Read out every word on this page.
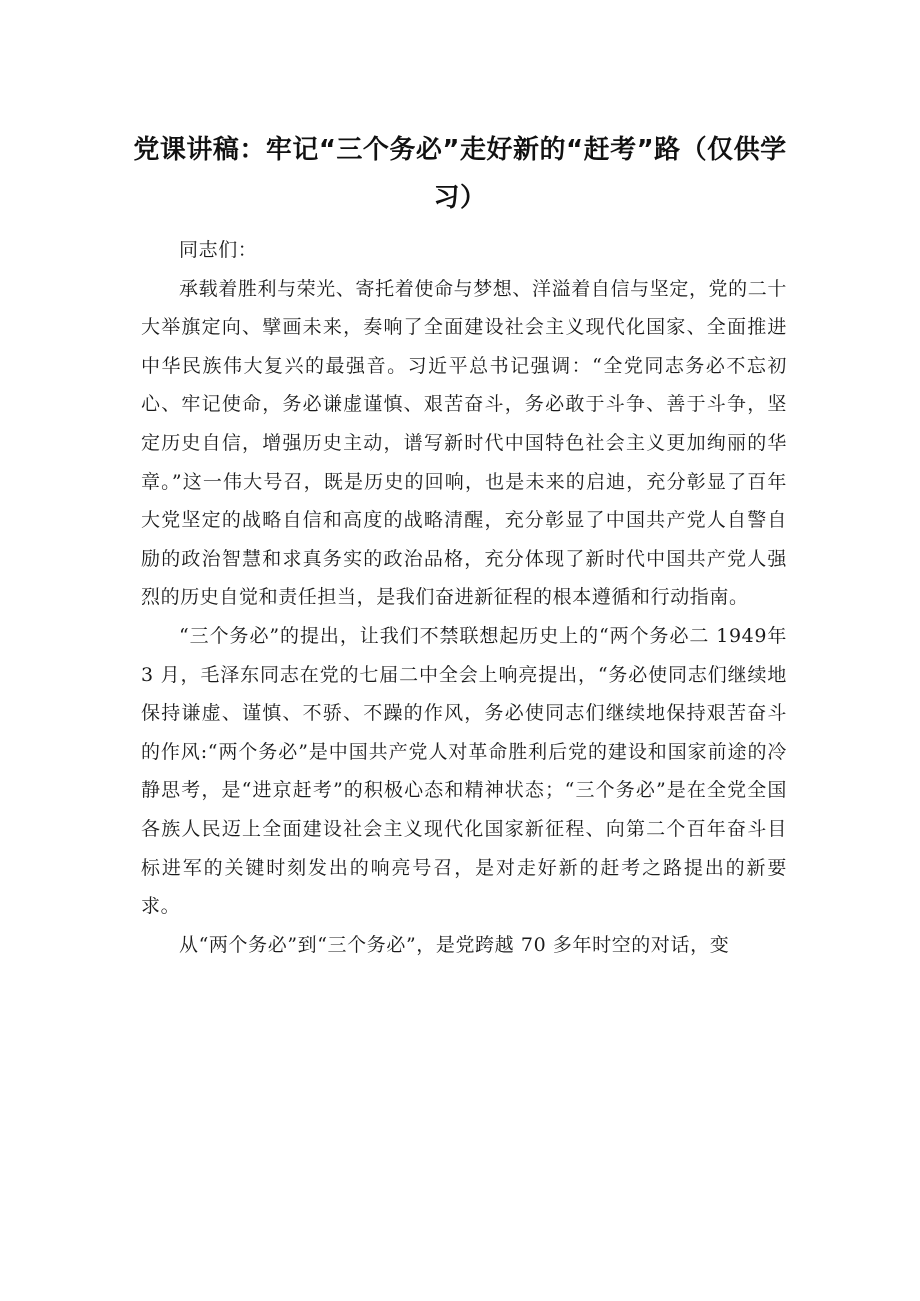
党课讲稿：牢记“三个务必”走好新的“赶考”路（仅供学习）

同志们：

承载着胜利与荣光、寄托着使命与梦想、洋溢着自信与坚定，党的二十大举旗定向、擘画未来，奏响了全面建设社会主义现代化国家、全面推进中华民族伟大复兴的最强音。习近平总书记强调：“全党同志务必不忘初心、牢记使命，务必谦虚谨慎、艰苦奋斗，务必敢于斗争、善于斗争，坚定历史自信，增强历史主动，谱写新时代中国特色社会主义更加绚丽的华章。”这一伟大号召，既是历史的回响，也是未来的启迪，充分彰显了百年大党坚定的战略自信和高度的战略清醒，充分彰显了中国共产党人自警自励的政治智慧和求真务实的政治品格，充分体现了新时代中国共产党人强烈的历史自觉和责任担当，是我们奋进新征程的根本遵循和行动指南。

“三个务必”的提出，让我们不禁联想起历史上的“两个务必二 1949年 3 月，毛泽东同志在党的七届二中全会上响亮提出，“务必使同志们继续地保持谦虚、谨慎、不骄、不躁的作风，务必使同志们继续地保持艰苦奋斗的作风:“两个务必”是中国共产党人对革命胜利后党的建设和国家前途的冷静思考，是“进京赶考”的积极心态和精神状态；“三个务必”是在全党全国各族人民迈上全面建设社会主义现代化国家新征程、向第二个百年奋斗目标进军的关键时刻发出的响亮号召，是对走好新的赶考之路提出的新要求。

从“两个务必”到“三个务必”，是党跨越 70 多年时空的对话，变
